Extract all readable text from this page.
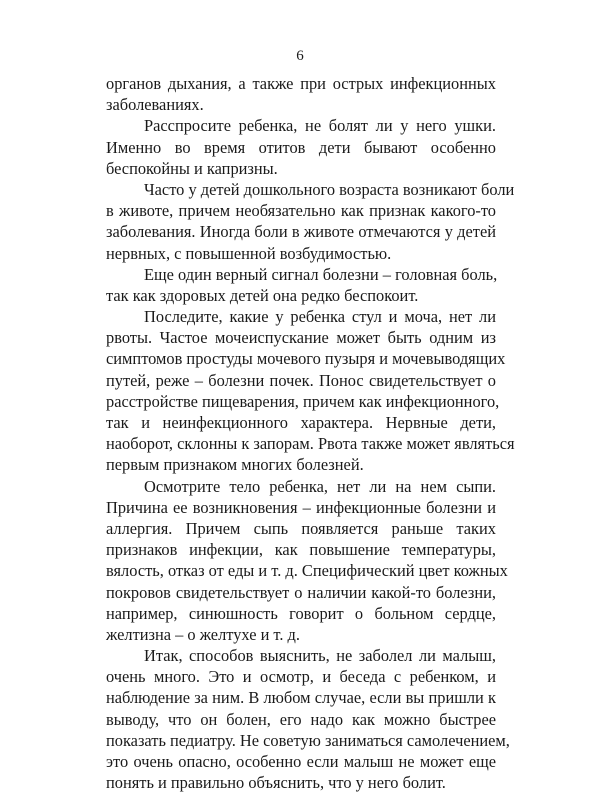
6
органов дыхания, а также при острых инфекционных
заболеваниях.
Расспросите ребенка, не болят ли у него ушки.
Именно во время отитов дети бывают особенно
беспокойны и капризны.
Часто у детей дошкольного возраста возникают боли
в животе, причем необязательно как признак какого-то
заболевания. Иногда боли в животе отмечаются у детей
нервных, с повышенной возбудимостью.
Еще один верный сигнал болезни – головная боль,
так как здоровых детей она редко беспокоит.
Последите, какие у ребенка стул и моча, нет ли
рвоты. Частое мочеиспускание может быть одним из
симптомов простуды мочевого пузыря и мочевыводящих
путей, реже – болезни почек. Понос свидетельствует о
расстройстве пищеварения, причем как инфекционного,
так и неинфекционного характера. Нервные дети,
наоборот, склонны к запорам. Рвота также может являться
первым признаком многих болезней.
Осмотрите тело ребенка, нет ли на нем сыпи.
Причина ее возникновения – инфекционные болезни и
аллергия. Причем сыпь появляется раньше таких
признаков инфекции, как повышение температуры,
вялость, отказ от еды и т. д. Специфический цвет кожных
покровов свидетельствует о наличии какой-то болезни,
например, синюшность говорит о больном сердце,
желтизна – о желтухе и т. д.
Итак, способов выяснить, не заболел ли малыш,
очень много. Это и осмотр, и беседа с ребенком, и
наблюдение за ним. В любом случае, если вы пришли к
выводу, что он болен, его надо как можно быстрее
показать педиатру. Не советую заниматься самолечением,
это очень опасно, особенно если малыш не может еще
понять и правильно объяснить, что у него болит.
